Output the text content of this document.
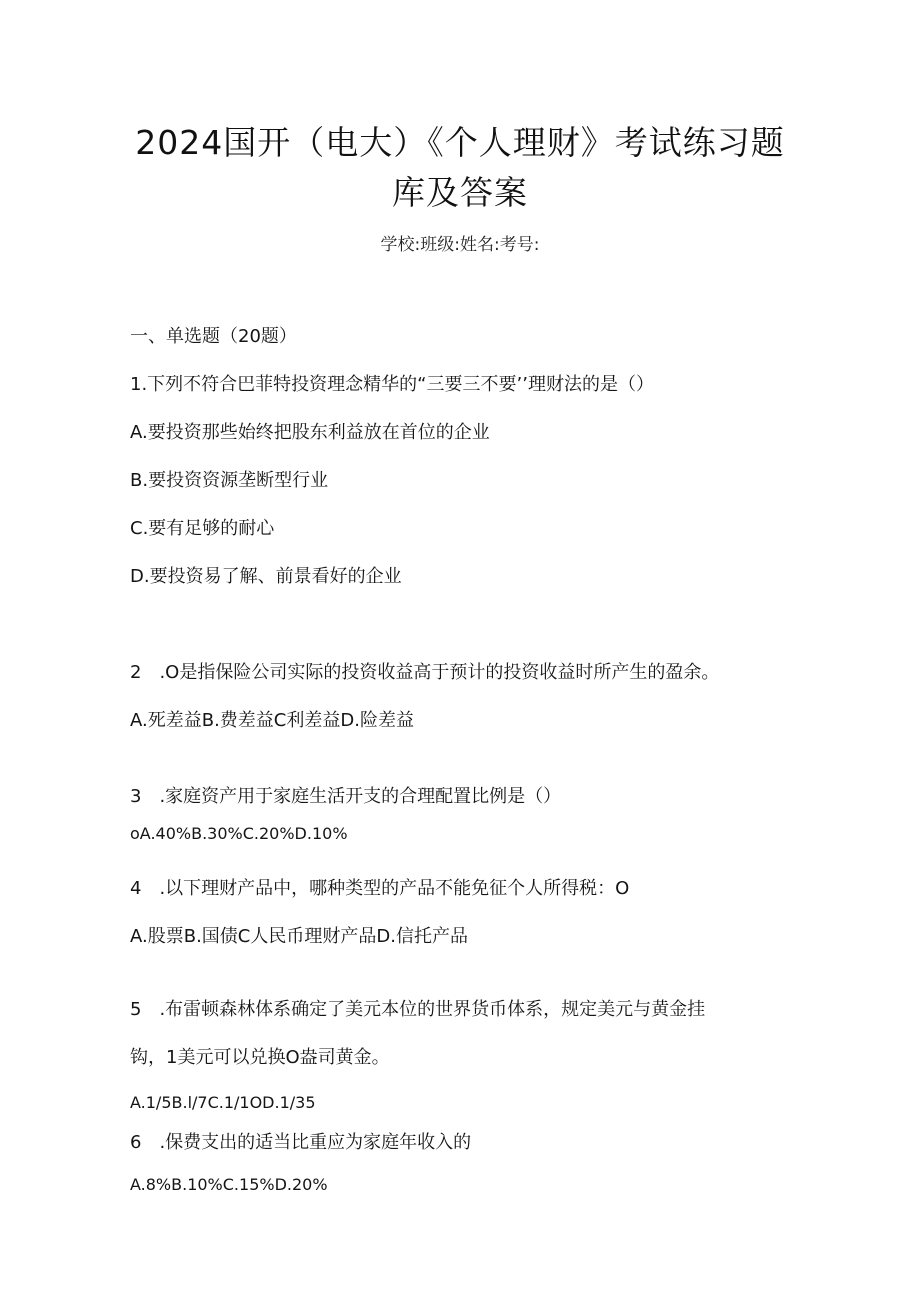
2024国开（电大）《个人理财》考试练习题
库及答案
学校:班级:姓名:考号:
一、单选题（20题）
1.下列不符合巴菲特投资理念精华的“三要三不要’’理财法的是（）
A.要投资那些始终把股东利益放在首位的企业
B.要投资资源垄断型行业
C.要有足够的耐心
D.要投资易了解、前景看好的企业
2　.O是指保险公司实际的投资收益高于预计的投资收益时所产生的盈余。
A.死差益B.费差益C利差益D.险差益
3　.家庭资产用于家庭生活开支的合理配置比例是（）
oA.40%B.30%C.20%D.10%
4　.以下理财产品中，哪种类型的产品不能免征个人所得税：O
A.股票B.国债C人民币理财产品D.信托产品
5　.布雷顿森林体系确定了美元本位的世界货币体系，规定美元与黄金挂
钩，1美元可以兑换O盎司黄金。
A.1/5B.l/7C.1/1OD.1/35
6　.保费支出的适当比重应为家庭年收入的
A.8%B.10%C.15%D.20%
